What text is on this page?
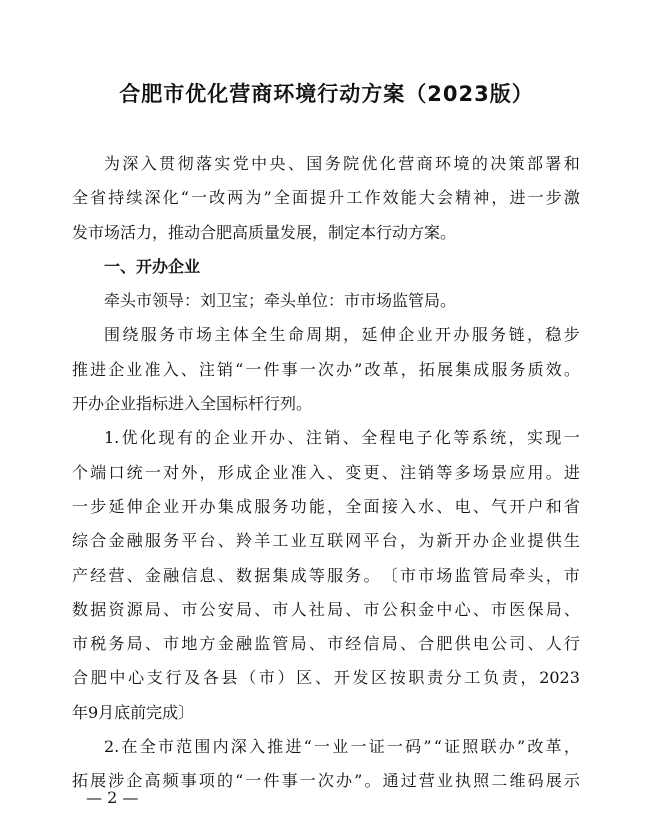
合肥市优化营商环境行动方案（2023版）
为 深 入 贯 彻 落 实 党 中 央 、 国 务 院 优 化 营 商 环 境 的 决 策 部 署 和
全 省 持 续 深 化 “ 一 改 两 为 ” 全 面 提 升 工 作 效 能 大 会 精 神 ， 进 一 步 激
发市场活力，推动合肥高质量发展，制定本行动方案。
一、开办企业
牵头市领导：刘卫宝；牵头单位：市市场监管局。
围 绕 服 务 市 场 主 体 全 生 命 周 期 ， 延 伸 企 业 开 办 服 务 链 ， 稳 步
推 进 企 业 准 入 、 注 销 “ 一 件 事 一 次 办 ” 改 革 ， 拓 展 集 成 服 务 质 效 。
开办企业指标进入全国标杆行列。
1. 优 化 现 有 的 企 业 开 办 、 注 销 、 全 程 电 子 化 等 系 统 ， 实 现 一
个 端 口 统 一 对 外 ， 形 成 企 业 准 入 、 变 更 、 注 销 等 多 场 景 应 用 。 进
一 步 延 伸 企 业 开 办 集 成 服 务 功 能 ， 全 面 接 入 水 、 电 、 气 开 户 和 省
综 合 金 融 服 务 平 台 、 羚 羊 工 业 互 联 网 平 台 ， 为 新 开 办 企 业 提 供 生
产 经 营 、 金 融 信 息 、 数 据 集 成 等 服 务 。 〔 市 市 场 监 管 局 牵 头 ， 市
数 据 资 源 局 、 市 公 安 局 、 市 人 社 局 、 市 公 积 金 中 心 、 市 医 保 局 、
市 税 务 局 、 市 地 方 金 融 监 管 局 、 市 经 信 局 、 合 肥 供 电 公 司 、 人 行
合 肥 中 心 支 行 及 各 县 （ 市 ） 区 、 开 发 区 按 职 责 分 工 负 责 ， 2023
年9月底前完成〕
2. 在 全 市 范 围 内 深 入 推 进 “ 一 业 一 证 一 码 ” “ 证 照 联 办 ” 改 革 ，
拓 展 涉 企 高 频 事 项 的 “ 一 件 事 一 次 办 ” 。 通 过 营 业 执 照 二 维 码 展 示
— 2 —
